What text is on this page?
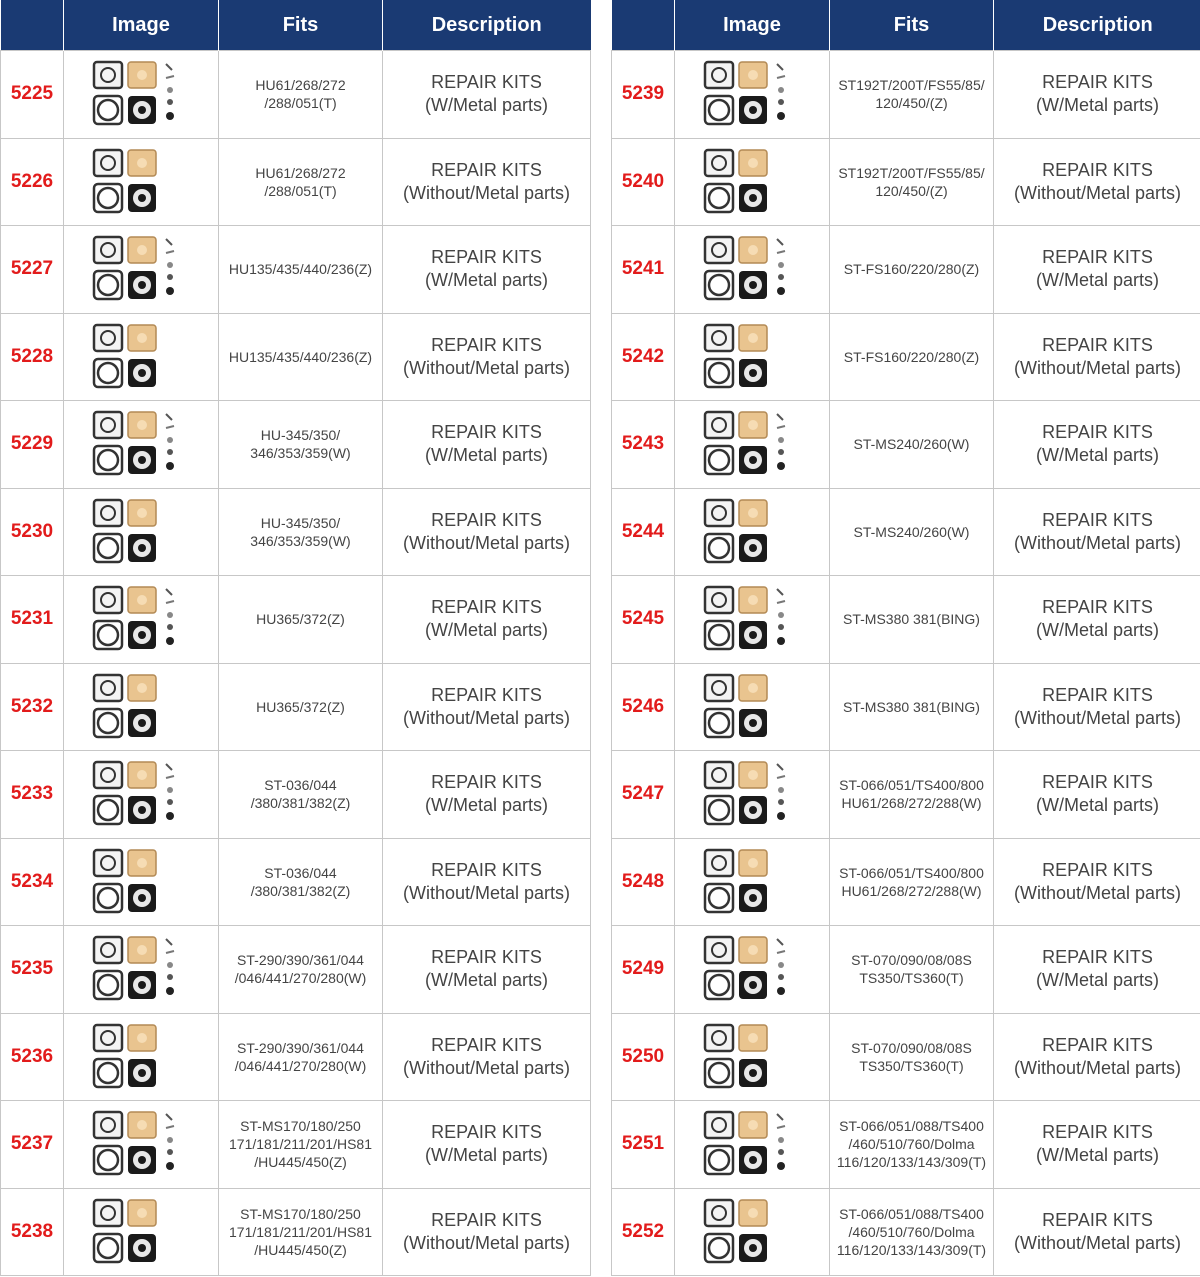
	Image	Fits	Description
5225		HU61/268/272
/288/051(T)	REPAIR KITS
(W/Metal parts)
5226		HU61/268/272
/288/051(T)	REPAIR KITS
(Without/Metal parts)
5227		HU135/435/440/236(Z)	REPAIR KITS
(W/Metal parts)
5228		HU135/435/440/236(Z)	REPAIR KITS
(Without/Metal parts)
5229		HU-345/350/
346/353/359(W)	REPAIR KITS
(W/Metal parts)
5230		HU-345/350/
346/353/359(W)	REPAIR KITS
(Without/Metal parts)
5231		HU365/372(Z)	REPAIR KITS
(W/Metal parts)
5232		HU365/372(Z)	REPAIR KITS
(Without/Metal parts)
5233		ST-036/044
/380/381/382(Z)	REPAIR KITS
(W/Metal parts)
5234		ST-036/044
/380/381/382(Z)	REPAIR KITS
(Without/Metal parts)
5235		ST-290/390/361/044
/046/441/270/280(W)	REPAIR KITS
(W/Metal parts)
5236		ST-290/390/361/044
/046/441/270/280(W)	REPAIR KITS
(Without/Metal parts)
5237		ST-MS170/180/250
171/181/211/201/HS81
/HU445/450(Z)	REPAIR KITS
(W/Metal parts)
5238		ST-MS170/180/250
171/181/211/201/HS81
/HU445/450(Z)	REPAIR KITS
(Without/Metal parts)
	Image	Fits	Description
5239		ST192T/200T/FS55/85/
120/450/(Z)	REPAIR KITS
(W/Metal parts)
5240		ST192T/200T/FS55/85/
120/450/(Z)	REPAIR KITS
(Without/Metal parts)
5241		ST-FS160/220/280(Z)	REPAIR KITS
(W/Metal parts)
5242		ST-FS160/220/280(Z)	REPAIR KITS
(Without/Metal parts)
5243		ST-MS240/260(W)	REPAIR KITS
(W/Metal parts)
5244		ST-MS240/260(W)	REPAIR KITS
(Without/Metal parts)
5245		ST-MS380 381(BING)	REPAIR KITS
(W/Metal parts)
5246		ST-MS380 381(BING)	REPAIR KITS
(Without/Metal parts)
5247		ST-066/051/TS400/800
HU61/268/272/288(W)	REPAIR KITS
(W/Metal parts)
5248		ST-066/051/TS400/800
HU61/268/272/288(W)	REPAIR KITS
(Without/Metal parts)
5249		ST-070/090/08/08S
TS350/TS360(T)	REPAIR KITS
(W/Metal parts)
5250		ST-070/090/08/08S
TS350/TS360(T)	REPAIR KITS
(Without/Metal parts)
5251		ST-066/051/088/TS400
/460/510/760/Dolma
116/120/133/143/309(T)	REPAIR KITS
(W/Metal parts)
5252		ST-066/051/088/TS400
/460/510/760/Dolma
116/120/133/143/309(T)	REPAIR KITS
(Without/Metal parts)
